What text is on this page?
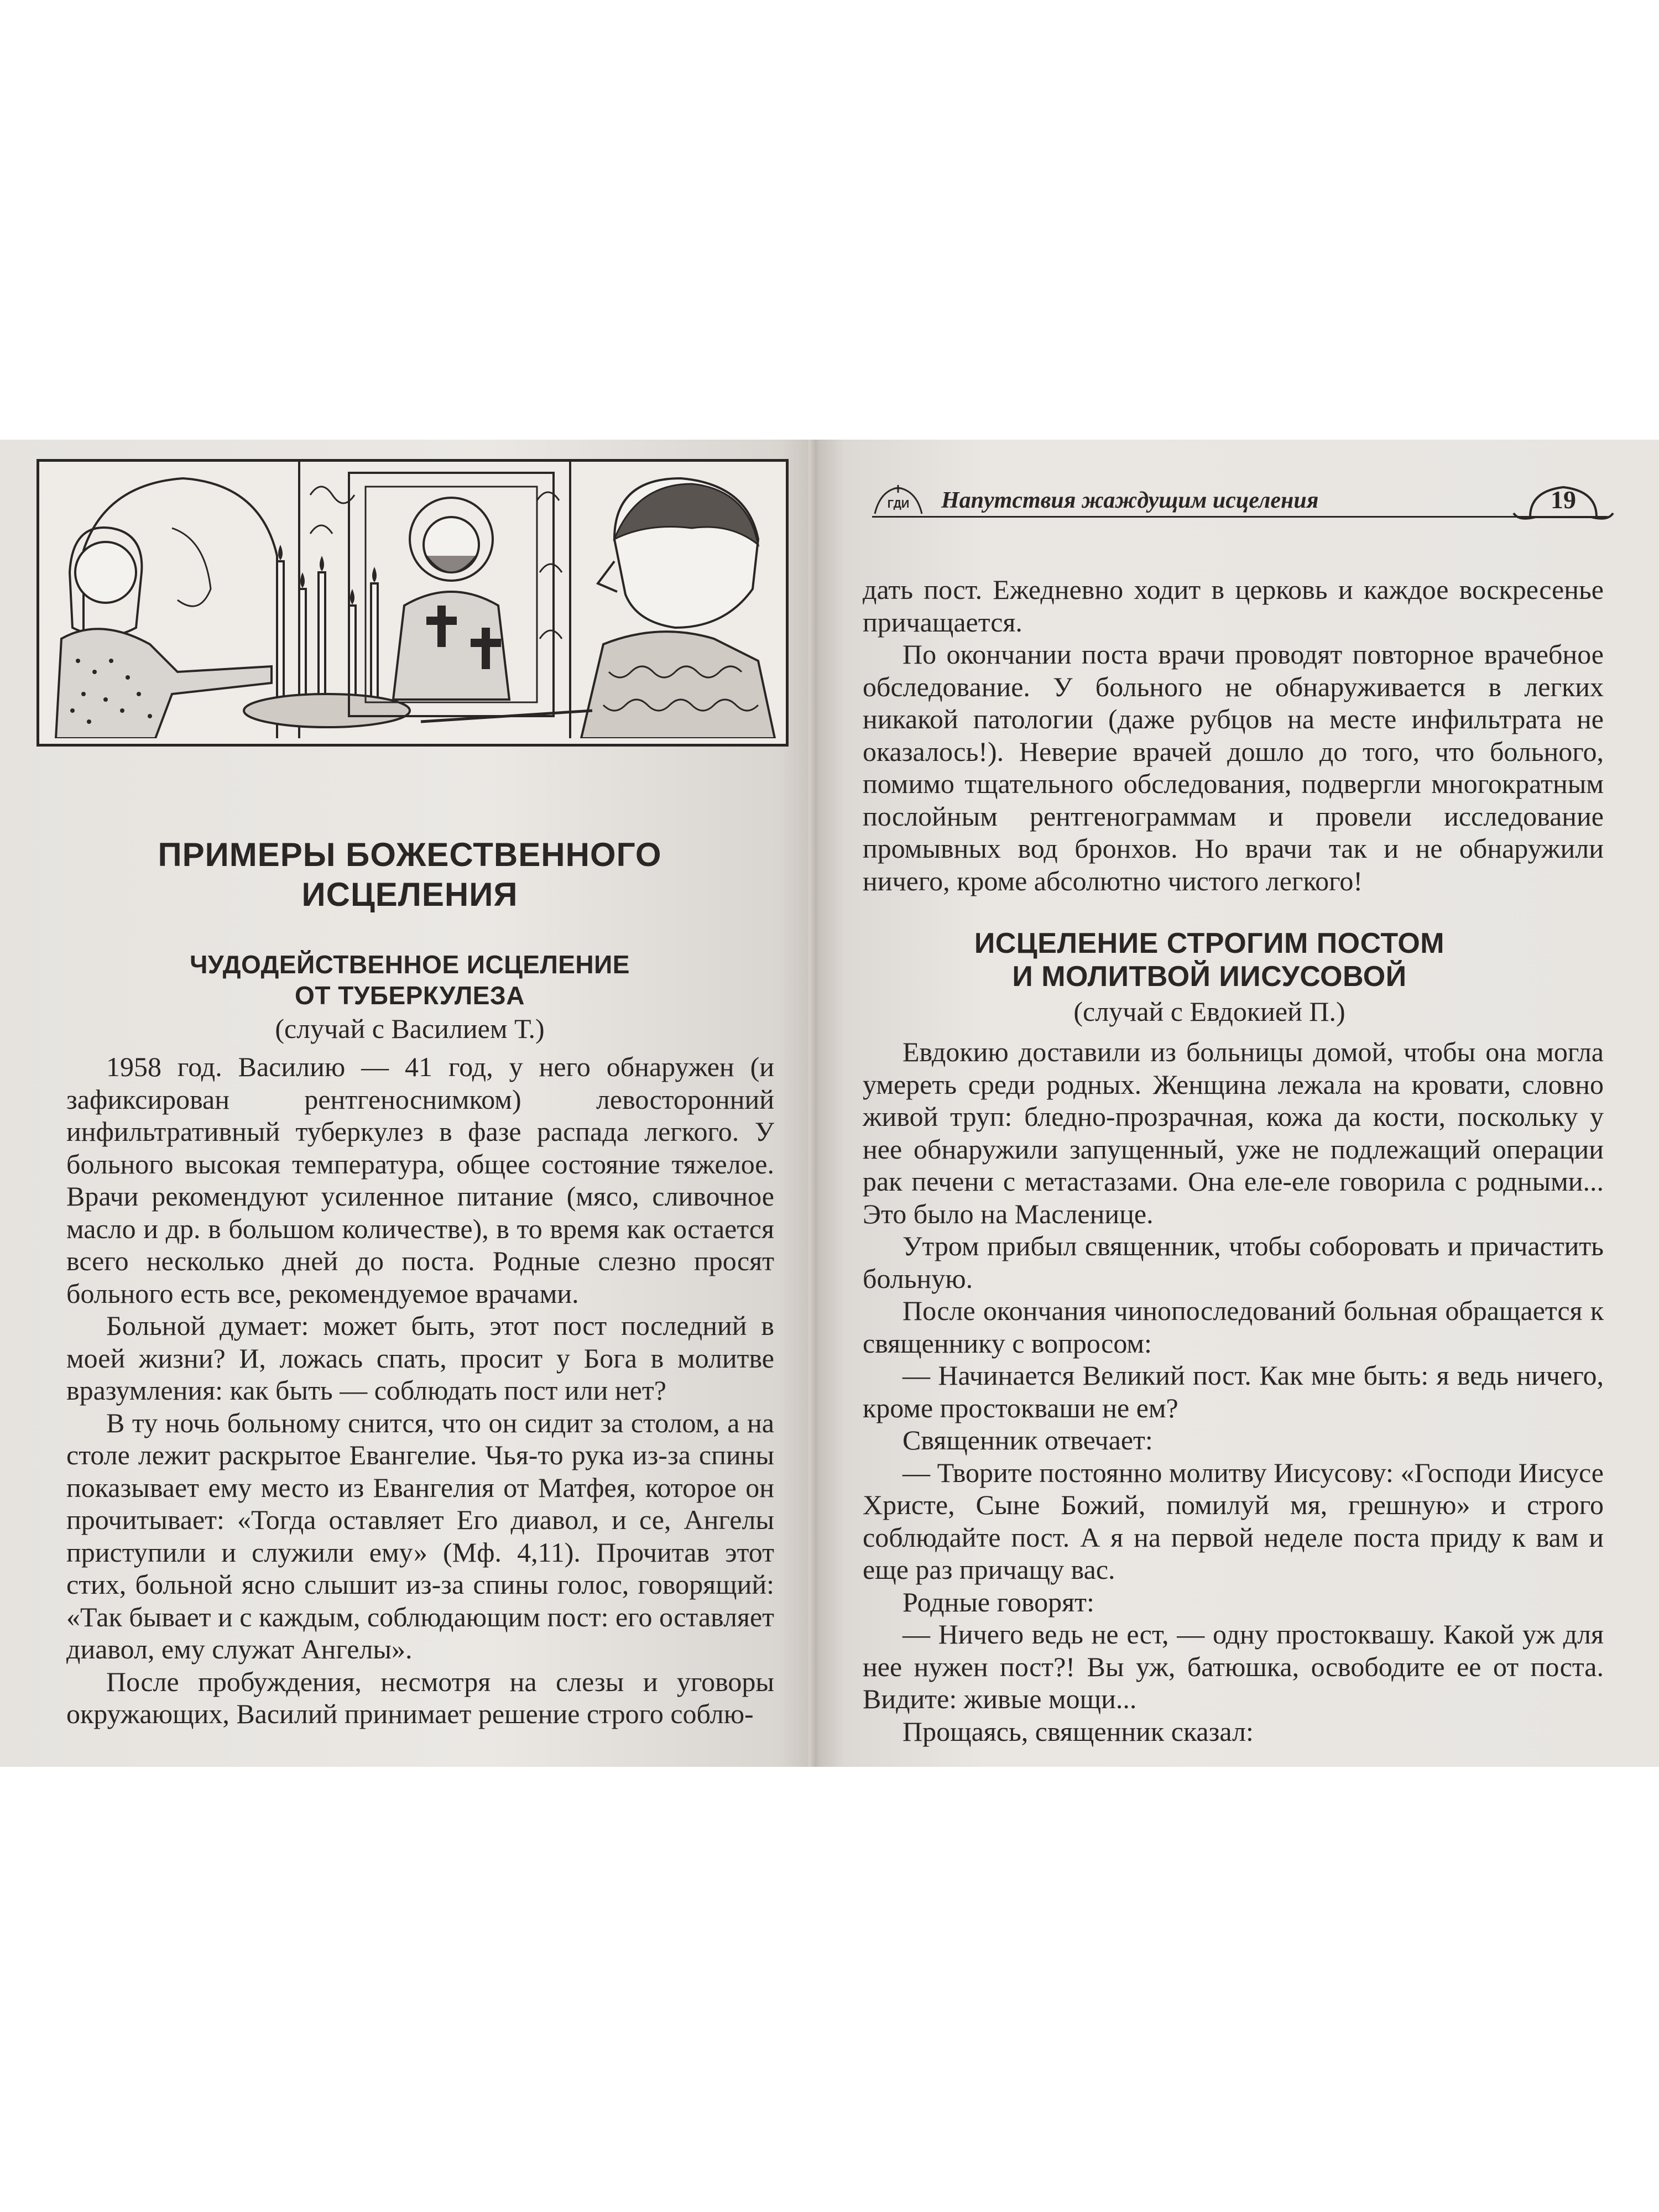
ПРИМЕРЫ БОЖЕСТВЕННОГО
ИСЦЕЛЕНИЯ
ЧУДОДЕЙСТВЕННОЕ ИСЦЕЛЕНИЕ
ОТ ТУБЕРКУЛЕЗА
(случай с Василием Т.)

1958 год. Василию — 41 год, у него обнаружен (и зафиксирован рентгеноснимком) левосторонний инфильтративный туберкулез в фазе распада легкого. У больного высокая температура, общее состояние тяжелое. Врачи рекомендуют усиленное питание (мясо, сливочное масло и др. в большом количестве), в то время как остается всего несколько дней до поста. Родные слезно просят больного есть все, рекомендуемое врачами.

Больной думает: может быть, этот пост последний в моей жизни? И, ложась спать, просит у Бога в молитве вразумления: как быть — соблюдать пост или нет?

В ту ночь больному снится, что он сидит за столом, а на столе лежит раскрытое Евангелие. Чья-то рука из-за спины показывает ему место из Евангелия от Матфея, которое он прочитывает: «Тогда оставляет Его диавол, и се, Ангелы приступили и служили ему» (Мф. 4,11). Прочитав этот стих, больной ясно слышит из-за спины голос, говорящий: «Так бывает и с каждым, соблюдающим пост: его оставляет диавол, ему служат Ангелы».

После пробуждения, несмотря на слезы и уговоры окружающих, Василий принимает решение строго соблю-

ГДИ	Напутствия жаждущим исцеления	19

дать пост. Ежедневно ходит в церковь и каждое воскресенье причащается.

По окончании поста врачи проводят повторное врачебное обследование. У больного не обнаруживается в легких никакой патологии (даже рубцов на месте инфильтрата не оказалось!). Неверие врачей дошло до того, что больного, помимо тщательного обследования, подвергли многократным послойным рентгенограммам и провели исследование промывных вод бронхов. Но врачи так и не обнаружили ничего, кроме абсолютно чистого легкого!

ИСЦЕЛЕНИЕ СТРОГИМ ПОСТОМ
И МОЛИТВОЙ ИИСУСОВОЙ
(случай с Евдокией П.)

Евдокию доставили из больницы домой, чтобы она могла умереть среди родных. Женщина лежала на кровати, словно живой труп: бледно-прозрачная, кожа да кости, поскольку у нее обнаружили запущенный, уже не подлежащий операции рак печени с метастазами. Она еле-еле говорила с родными... Это было на Масленице.

Утром прибыл священник, чтобы соборовать и причастить больную.

После окончания чинопоследований больная обращается к священнику с вопросом:

— Начинается Великий пост. Как мне быть: я ведь ничего, кроме простокваши не ем?

Священник отвечает:

— Творите постоянно молитву Иисусову: «Господи Иисусе Христе, Сыне Божий, помилуй мя, грешную» и строго соблюдайте пост. А я на первой неделе поста приду к вам и еще раз причащу вас.

Родные говорят:

— Ничего ведь не ест, — одну простоквашу. Какой уж для нее нужен пост?! Вы уж, батюшка, освободите ее от поста. Видите: живые мощи...

Прощаясь, священник сказал:
